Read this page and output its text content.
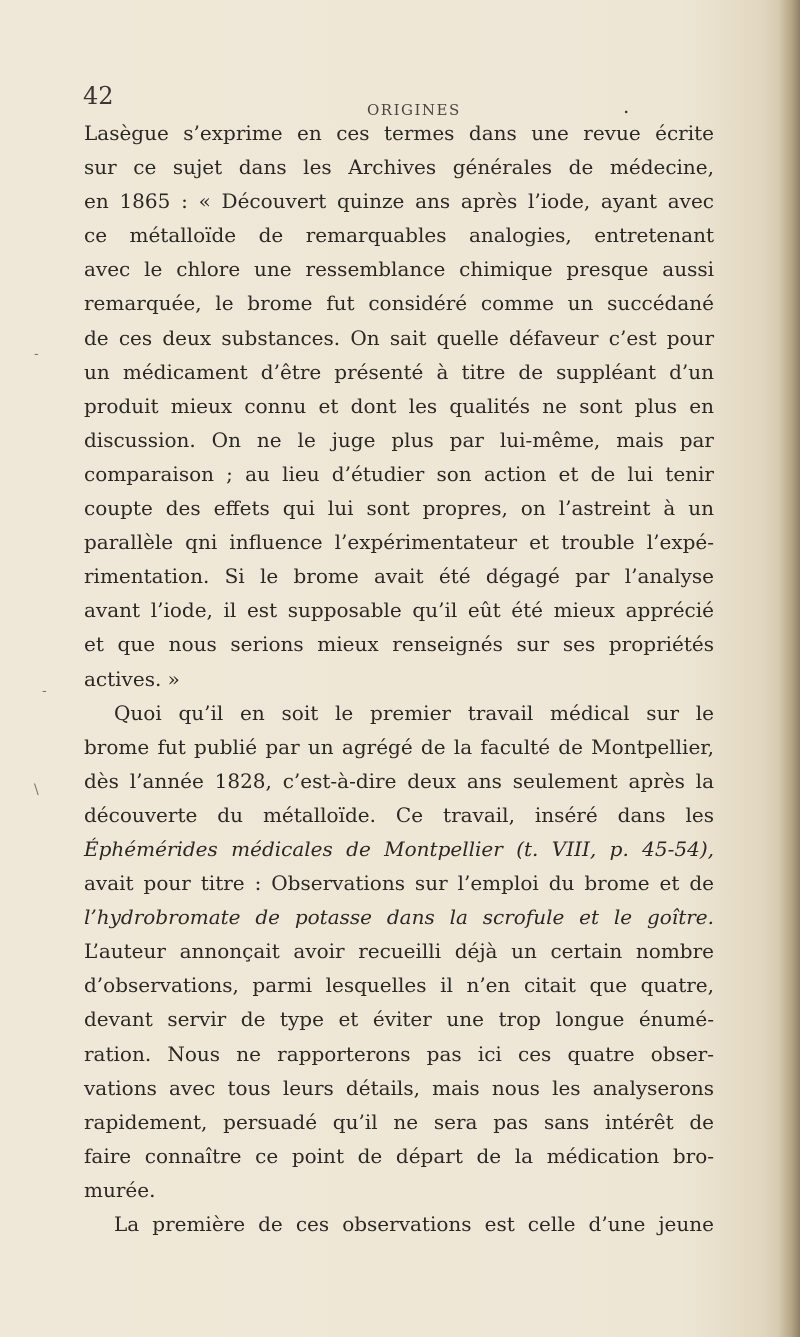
42	ORIGINES	.
Lasègue s’exprime en ces termes dans une revue écrite
sur ce sujet dans les Archives générales de médecine,
en 1865 : « Découvert quinze ans après l’iode, ayant avec
ce métalloïde de remarquables analogies, entretenant
avec le chlore une ressemblance chimique presque aussi
remarquée, le brome fut considéré comme un succédané
de ces deux substances. On sait quelle défaveur c’est pour
un médicament d’être présenté à titre de suppléant d’un
produit mieux connu et dont les qualités ne sont plus en
discussion. On ne le juge plus par lui-même, mais par
comparaison ; au lieu d’étudier son action et de lui tenir
coupte des effets qui lui sont propres, on l’astreint à un
parallèle qni influence l’expérimentateur et trouble l’expé-
rimentation. Si le brome avait été dégagé par l’analyse
avant l’iode, il est supposable qu’il eût été mieux apprécié
et que nous serions mieux renseignés sur ses propriétés
actives. »
Quoi qu’il en soit le premier travail médical sur le
brome fut publié par un agrégé de la faculté de Montpellier,
dès l’année 1828, c’est-à-dire deux ans seulement après la
découverte du métalloïde. Ce travail, inséré dans les
Éphémérides médicales de Montpellier (t. VIII, p. 45-54),
avait pour titre : Observations sur l’emploi du brome et de
l’hydrobromate de potasse dans la scrofule et le goître.
L’auteur annonçait avoir recueilli déjà un certain nombre
d’observations, parmi lesquelles il n’en citait que quatre,
devant servir de type et éviter une trop longue énumé-
ration. Nous ne rapporterons pas ici ces quatre obser-
vations avec tous leurs détails, mais nous les analyserons
rapidement, persuadé qu’il ne sera pas sans intérêt de
faire connaître ce point de départ de la médication bro-
murée.
La première de ces observations est celle d’une jeune
-
-
\
